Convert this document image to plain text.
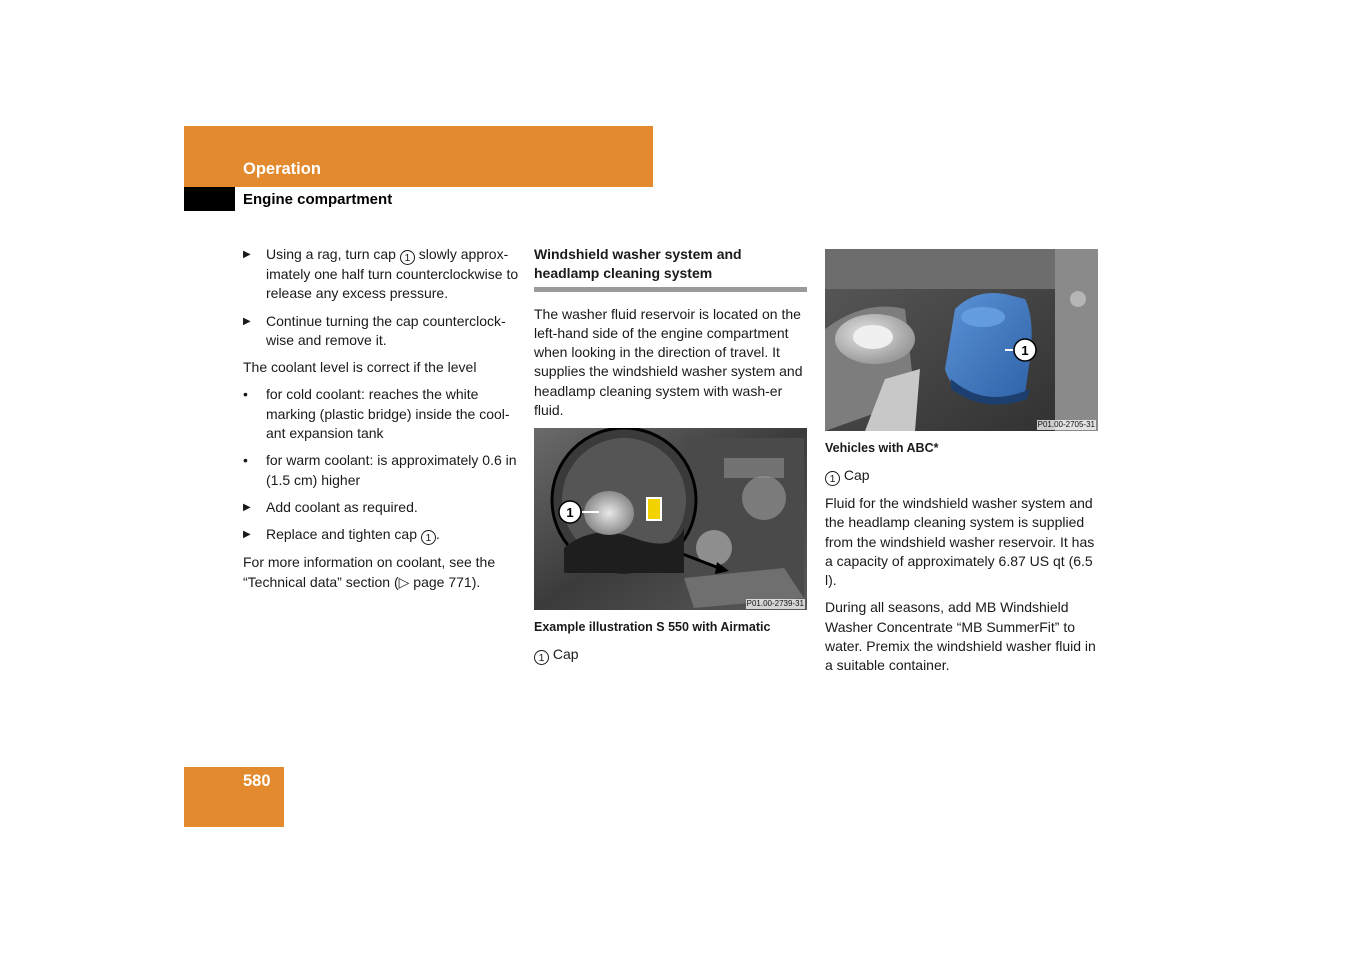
Operation
Engine compartment
▶ Using a rag, turn cap 1 slowly approx-imately one half turn counterclockwise to release any excess pressure.
▶ Continue turning the cap counterclock-wise and remove it.

The coolant level is correct if the level

• for cold coolant: reaches the white marking (plastic bridge) inside the cool-ant expansion tank
• for warm coolant: is approximately 0.6 in (1.5 cm) higher
▶ Add coolant as required.
▶ Replace and tighten cap 1 .

For more information on coolant, see the “Technical data” section (▷ page 771).

Windshield washer system and headlamp cleaning system

The washer fluid reservoir is located on the left-hand side of the engine compartment when looking in the direction of travel. It supplies the windshield washer system and headlamp cleaning system with wash-er fluid.

1
P01.00-2739-31

Example illustration S 550 with Airmatic

1 Cap

1
P01.00-2705-31

Vehicles with ABC*

1 Cap

Fluid for the windshield washer system and the headlamp cleaning system is supplied from the windshield washer reservoir. It has a capacity of approximately 6.87 US qt (6.5 l).

During all seasons, add MB Windshield Washer Concentrate “MB SummerFit” to water. Premix the windshield washer fluid in a suitable container.

580
